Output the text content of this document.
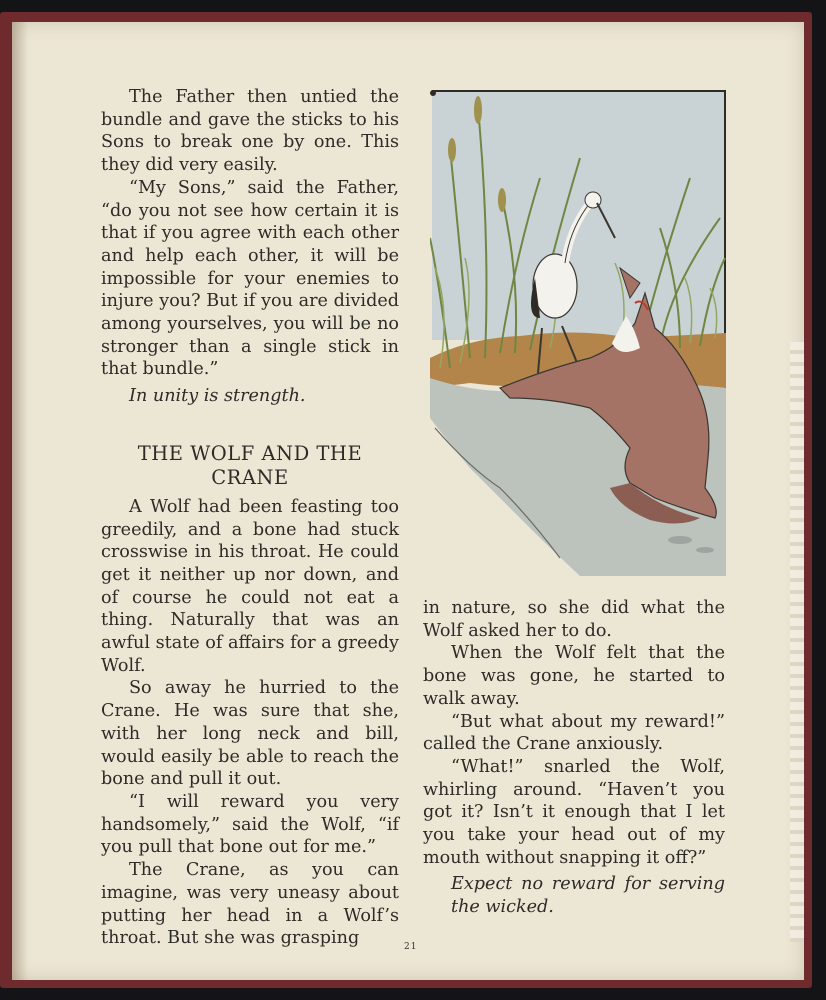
The Father then untied the bundle and gave the sticks to his Sons to break one by one. This they did very easily.

“My Sons,” said the Father, “do you not see how certain it is that if you agree with each other and help each other, it will be impossible for your enemies to injure you? But if you are divided among yourselves, you will be no stronger than a single stick in that bundle.”

In unity is strength.

THE WOLF AND THE CRANE

A Wolf had been feasting too greedily, and a bone had stuck crosswise in his throat. He could get it neither up nor down, and of course he could not eat a thing. Naturally that was an awful state of affairs for a greedy Wolf.

So away he hurried to the Crane. He was sure that she, with her long neck and bill, would easily be able to reach the bone and pull it out.

“I will reward you very handsomely,” said the Wolf, “if you pull that bone out for me.”

The Crane, as you can imagine, was very uneasy about putting her head in a Wolf’s throat. But she was grasping

in nature, so she did what the Wolf asked her to do.

When the Wolf felt that the bone was gone, he started to walk away.

“But what about my reward!” called the Crane anxiously.

“What!” snarled the Wolf, whirling around. “Haven’t you got it? Isn’t it enough that I let you take your head out of my mouth without snapping it off?”

Expect no reward for serving the wicked.

21
